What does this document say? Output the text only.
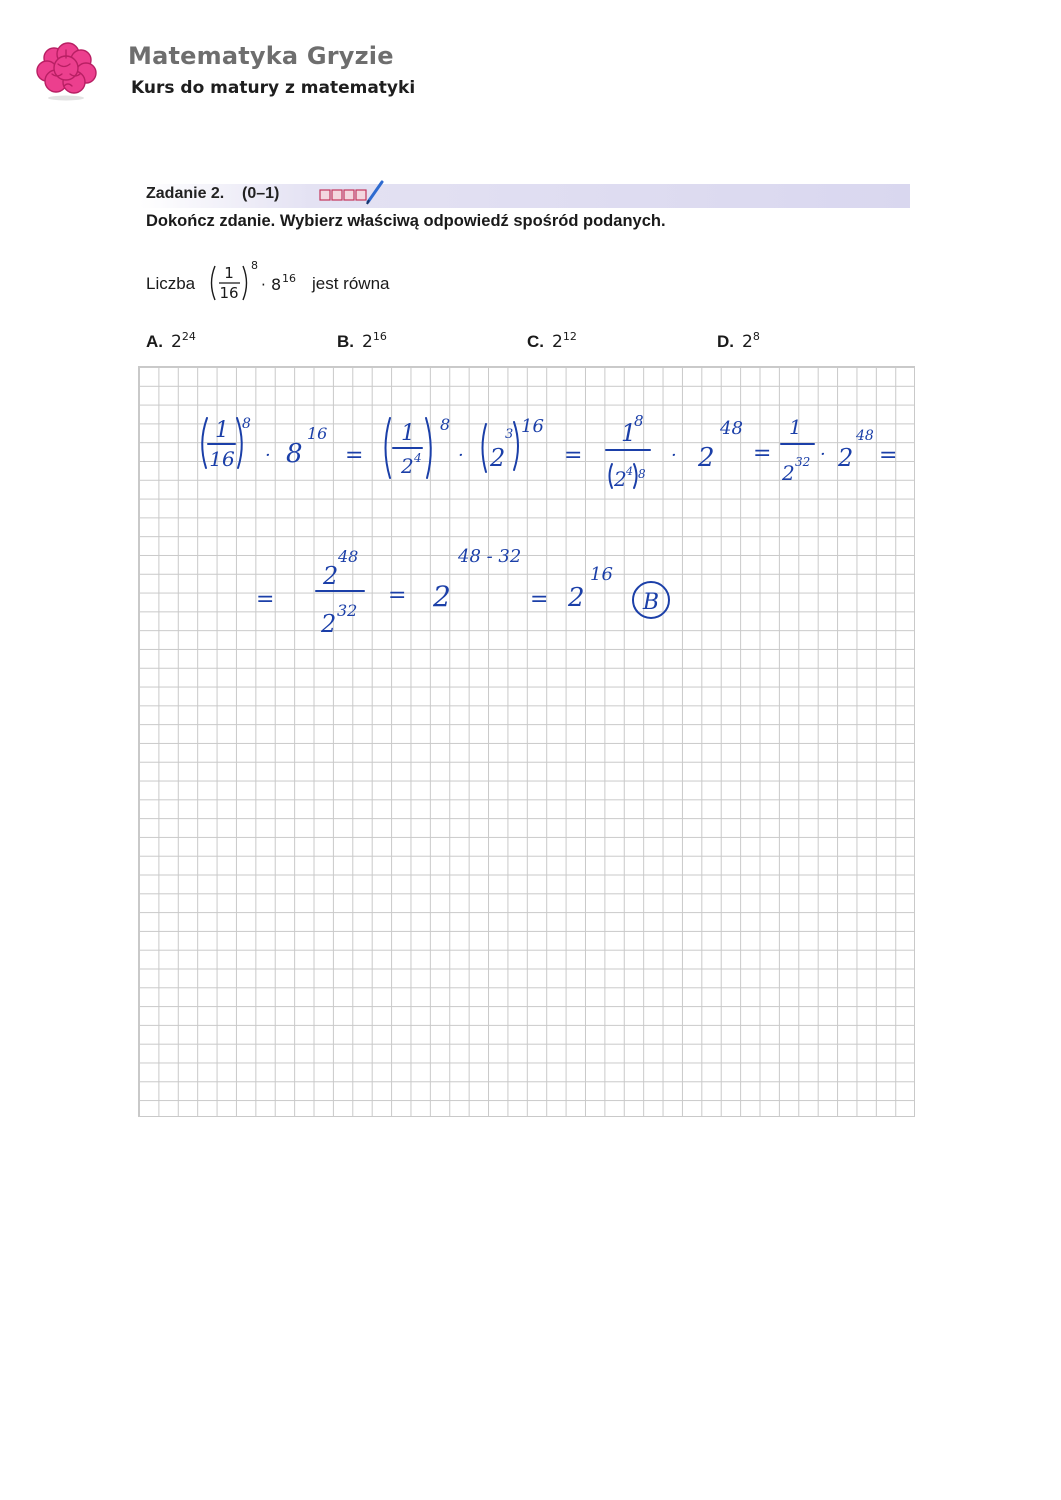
Matematyka Gryzie
Kurs do matury z matematyki
Zadanie 2. (0–1)
Dokończ zdanie. Wybierz właściwą odpowiedź spośród podanych.
Liczba
1
16
8
· 8 16 jest równa
A. $2^{24}$	B. $2^{16}$	C. $2^{12}$	D. $2^8$
1
16
8
· 8
16
=
1
2 4
8
· 2
3 16
=
1
8
2 4 8
· 2
48
=
1
2 32 · 2
48
=
=
2
48
2 32
= 2
48 - 32
= 2
16
B
